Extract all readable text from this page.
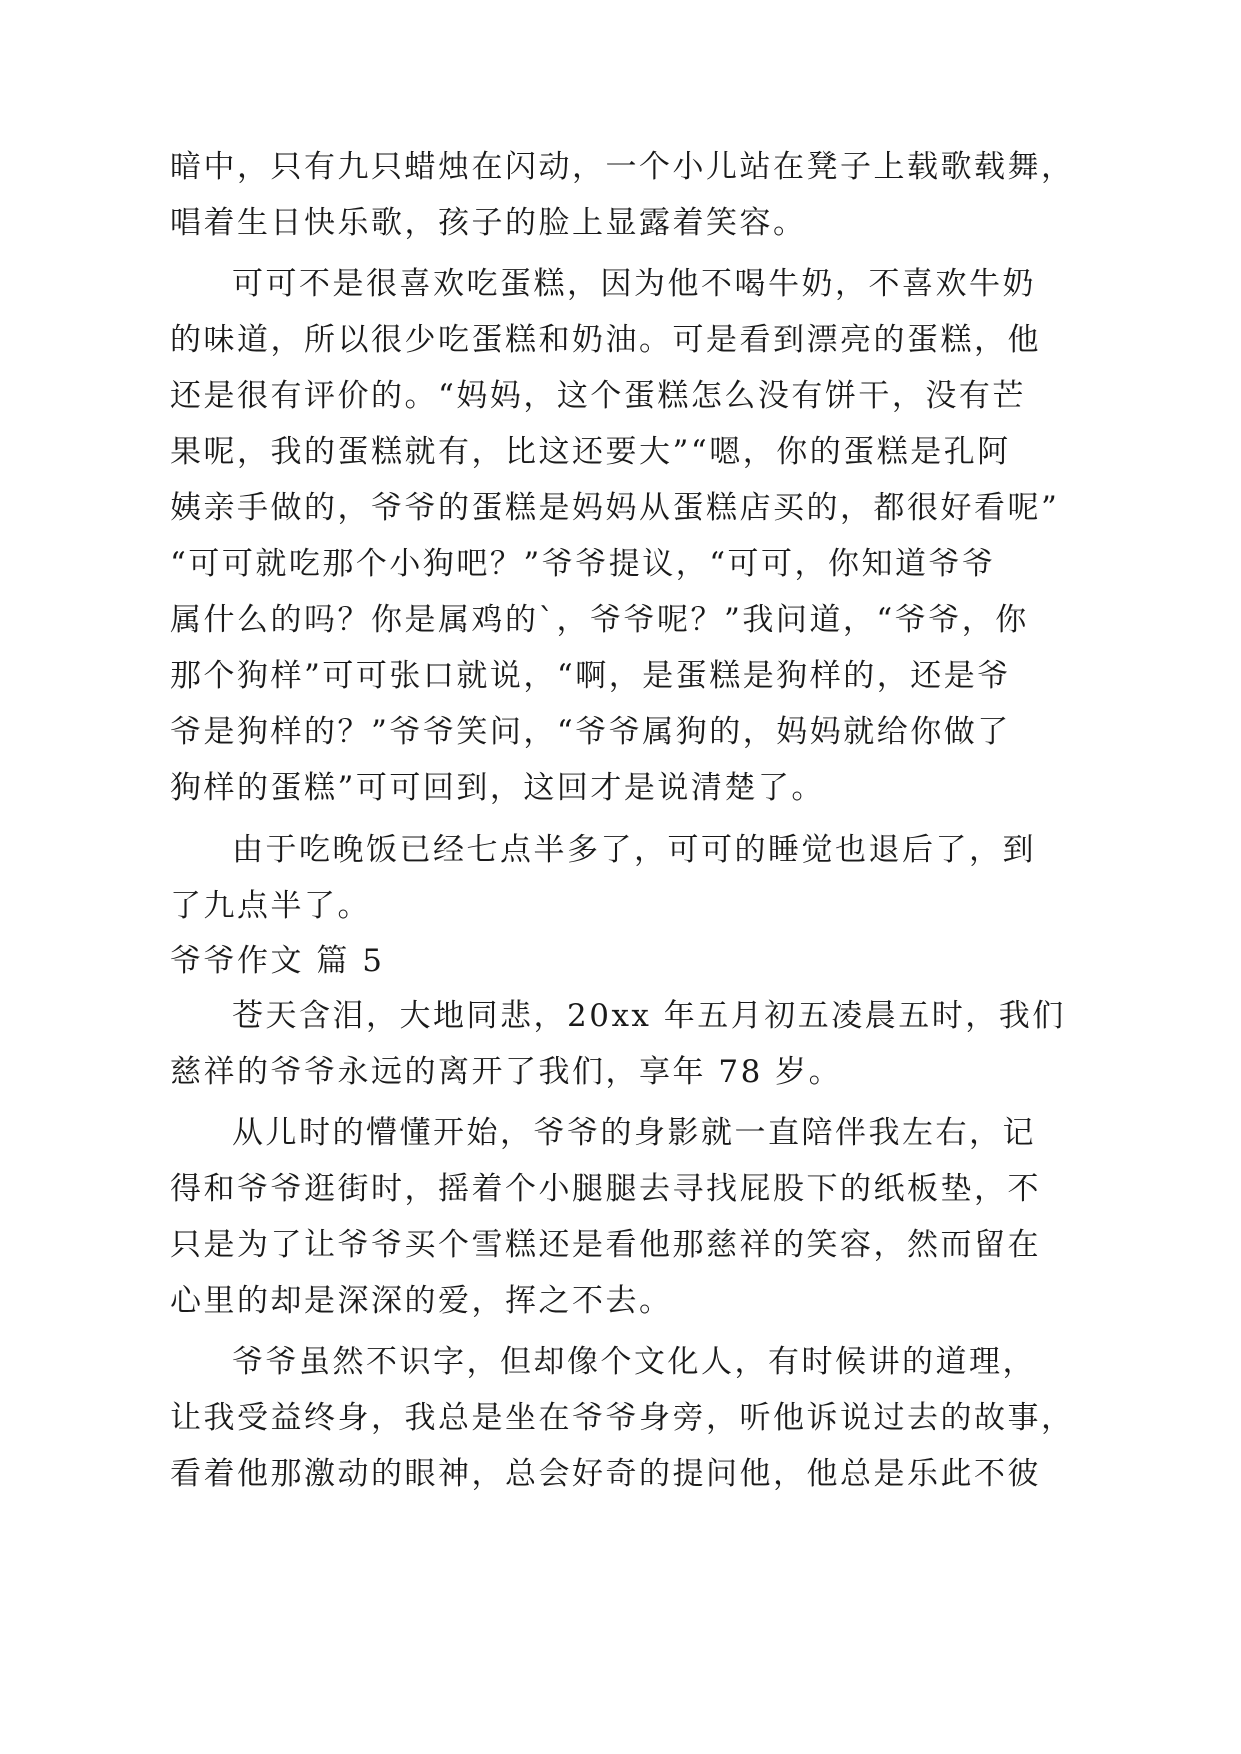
暗中，只有九只蜡烛在闪动，一个小儿站在凳子上载歌载舞，

唱着生日快乐歌，孩子的脸上显露着笑容。

可可不是很喜欢吃蛋糕，因为他不喝牛奶，不喜欢牛奶

的味道，所以很少吃蛋糕和奶油。可是看到漂亮的蛋糕，他

还是很有评价的。“妈妈，这个蛋糕怎么没有饼干，没有芒

果呢，我的蛋糕就有，比这还要大”“嗯，你的蛋糕是孔阿

姨亲手做的，爷爷的蛋糕是妈妈从蛋糕店买的，都很好看呢”

“可可就吃那个小狗吧？”爷爷提议，“可可，你知道爷爷

属什么的吗？你是属鸡的`，爷爷呢？”我问道，“爷爷，你

那个狗样”可可张口就说，“啊，是蛋糕是狗样的，还是爷

爷是狗样的？”爷爷笑问，“爷爷属狗的，妈妈就给你做了

狗样的蛋糕”可可回到，这回才是说清楚了。

由于吃晚饭已经七点半多了，可可的睡觉也退后了，到

了九点半了。

爷爷作文 篇 5

苍天含泪，大地同悲，20xx 年五月初五凌晨五时，我们

慈祥的爷爷永远的离开了我们，享年 78 岁。

从儿时的懵懂开始，爷爷的身影就一直陪伴我左右，记

得和爷爷逛街时，摇着个小腿腿去寻找屁股下的纸板垫，不

只是为了让爷爷买个雪糕还是看他那慈祥的笑容，然而留在

心里的却是深深的爱，挥之不去。

爷爷虽然不识字，但却像个文化人，有时候讲的道理，

让我受益终身，我总是坐在爷爷身旁，听他诉说过去的故事，

看着他那激动的眼神，总会好奇的提问他，他总是乐此不彼
